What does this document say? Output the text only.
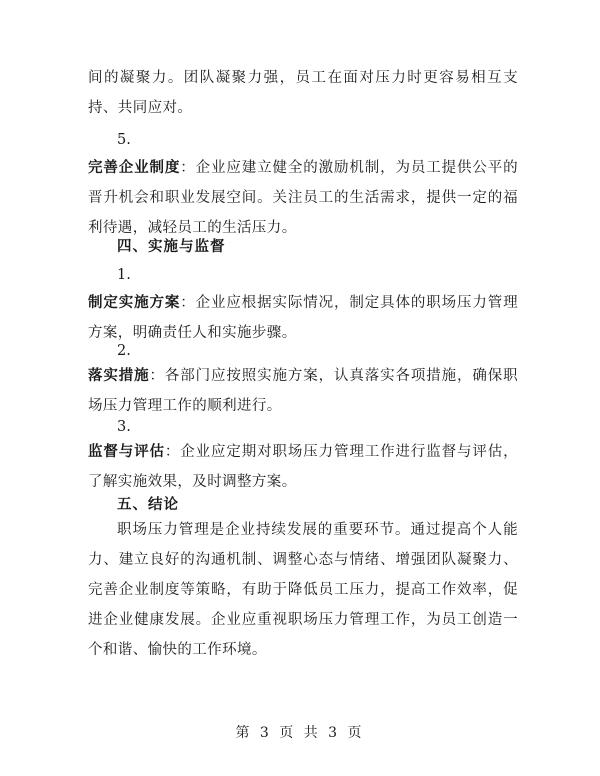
间的凝聚力。团队凝聚力强，员工在面对压力时更容易相互支持、共同应对。
5.
完善企业制度：企业应建立健全的激励机制，为员工提供公平的晋升机会和职业发展空间。关注员工的生活需求，提供一定的福利待遇，减轻员工的生活压力。
四、实施与监督
1.
制定实施方案：企业应根据实际情况，制定具体的职场压力管理方案，明确责任人和实施步骤。
2.
落实措施：各部门应按照实施方案，认真落实各项措施，确保职场压力管理工作的顺利进行。
3.
监督与评估：企业应定期对职场压力管理工作进行监督与评估，了解实施效果，及时调整方案。
五、结论
职场压力管理是企业持续发展的重要环节。通过提高个人能力、建立良好的沟通机制、调整心态与情绪、增强团队凝聚力、完善企业制度等策略，有助于降低员工压力，提高工作效率，促进企业健康发展。企业应重视职场压力管理工作，为员工创造一个和谐、愉快的工作环境。
第 3 页 共 3 页
